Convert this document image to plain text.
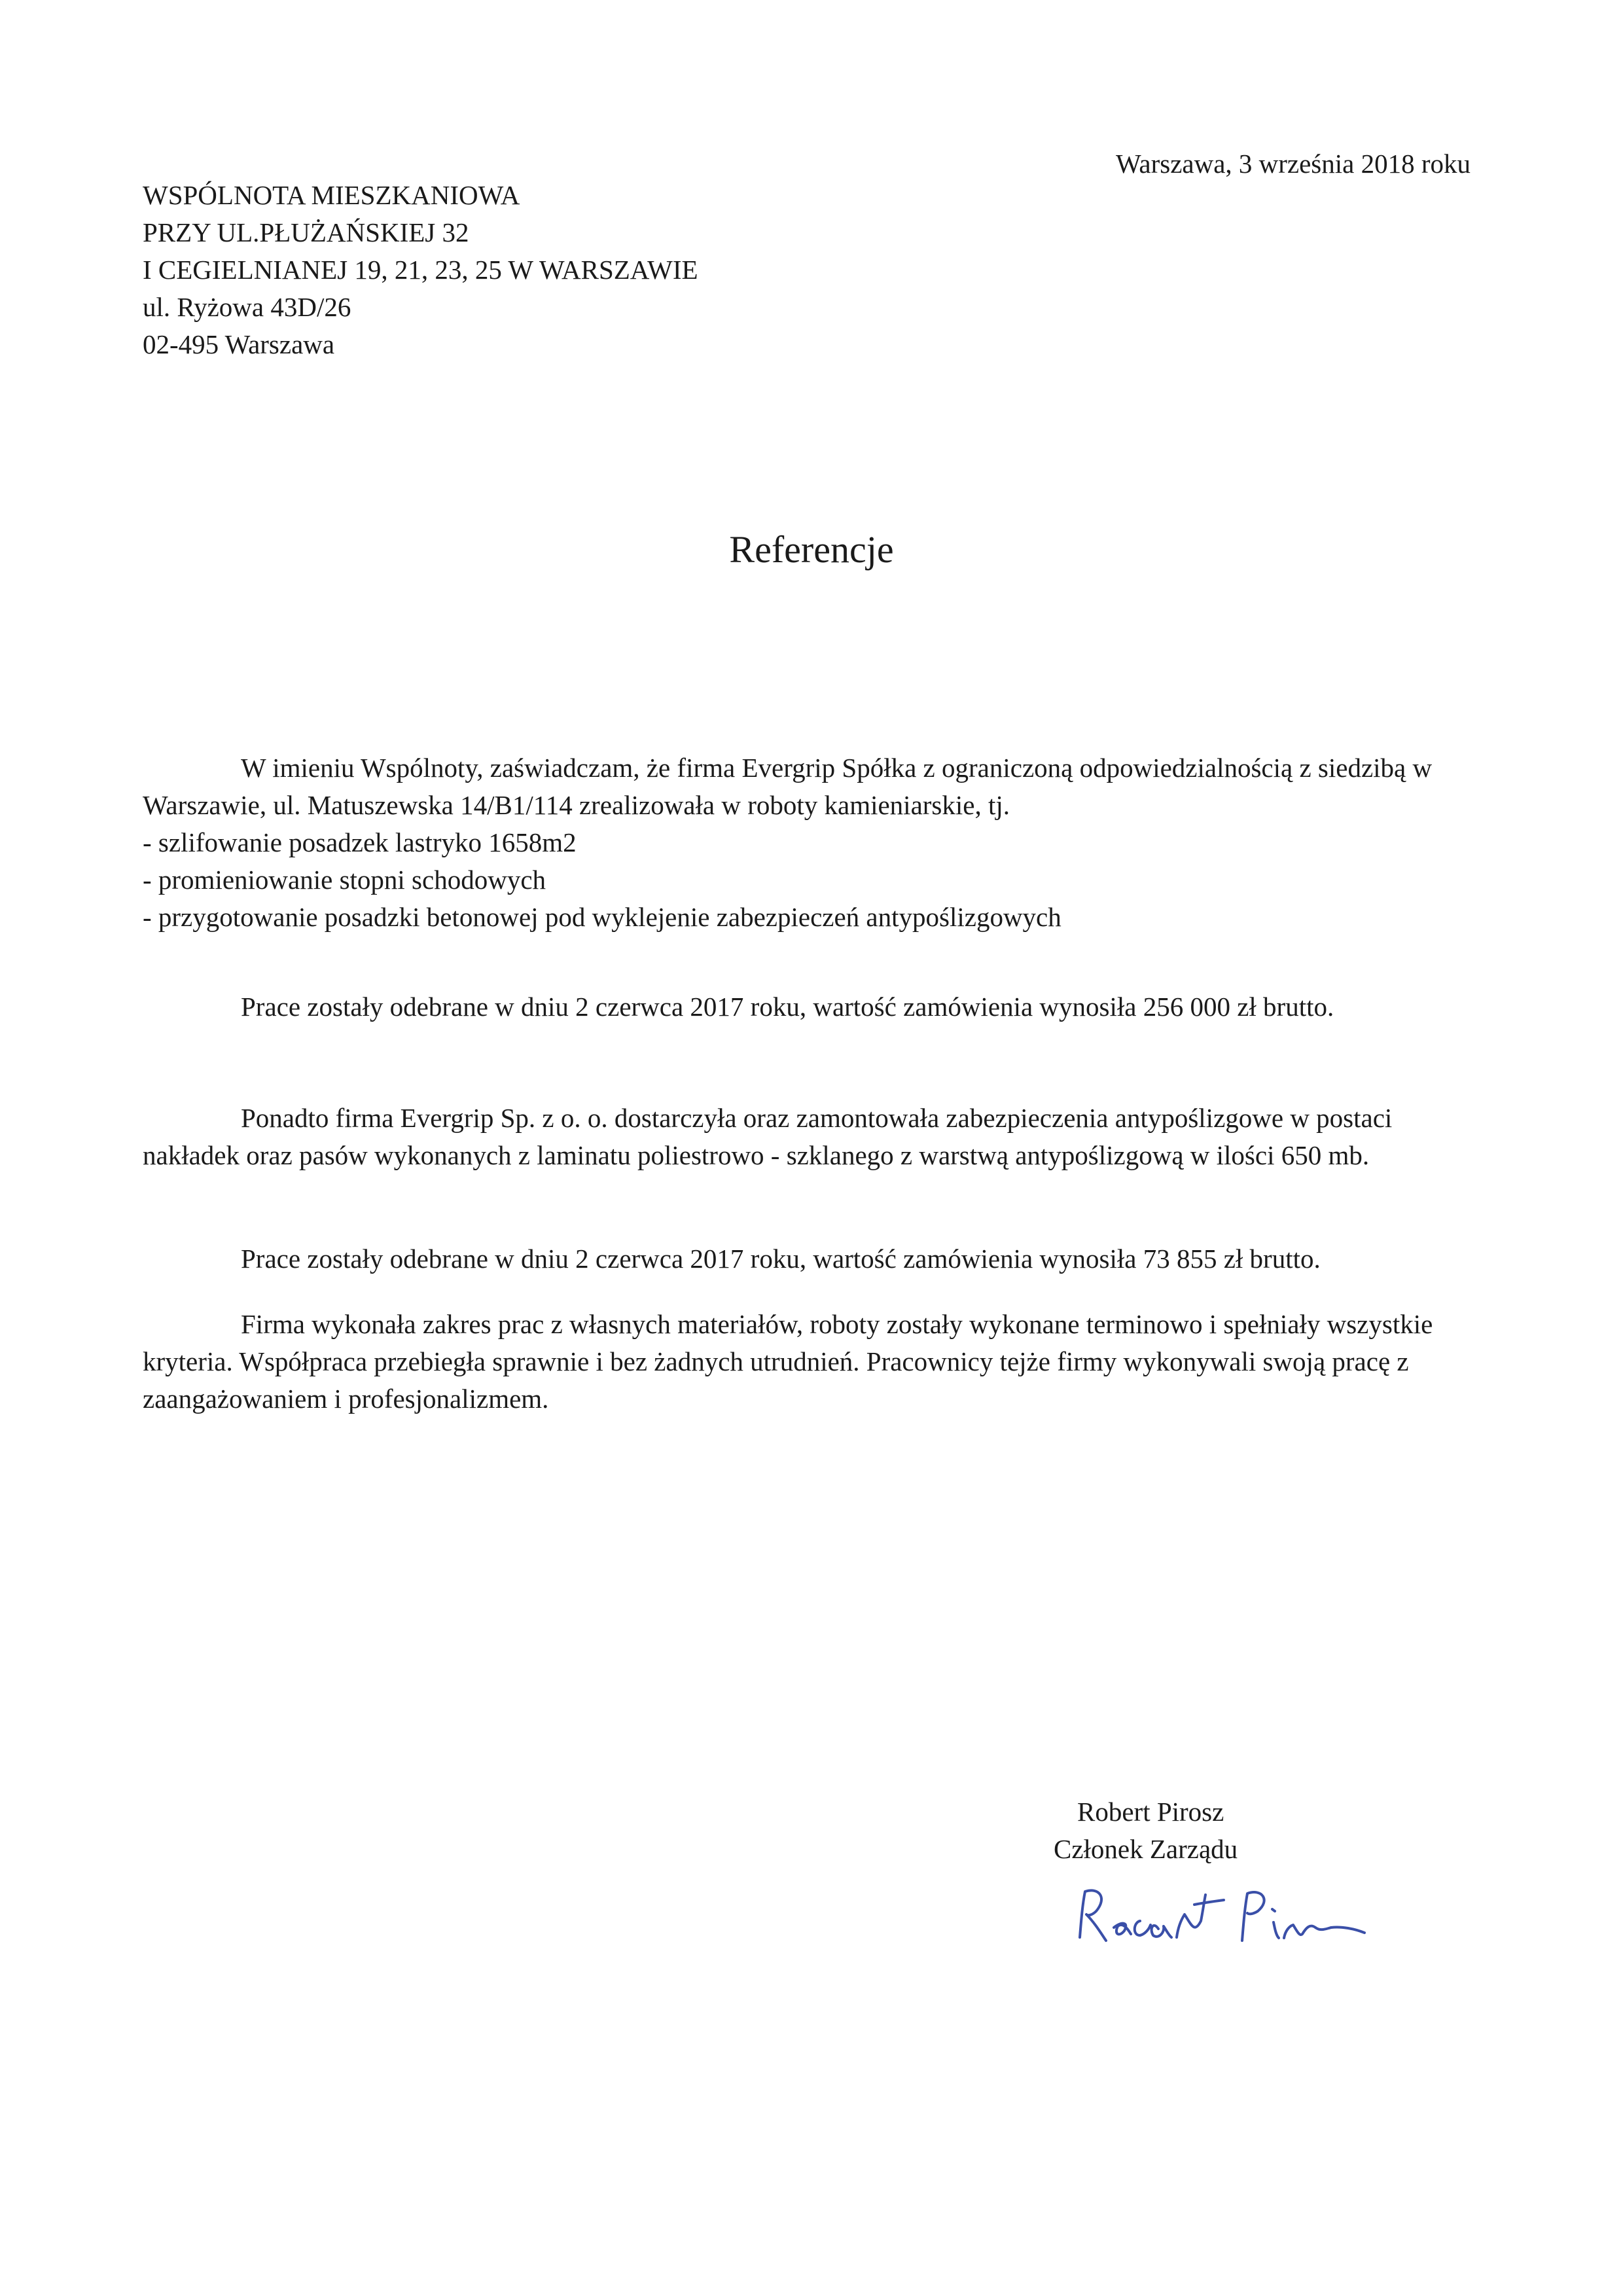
Warszawa, 3 września 2018 roku
WSPÓLNOTA MIESZKANIOWA
PRZY UL.PŁUŻAŃSKIEJ 32
I CEGIELNIANEJ 19, 21, 23, 25 W WARSZAWIE
ul. Ryżowa 43D/26
02-495 Warszawa
Referencje

W imieniu Wspólnoty, zaświadczam, że firma Evergrip Spółka z ograniczoną odpowiedzialnością z siedzibą w Warszawie, ul. Matuszewska 14/B1/114 zrealizowała w roboty kamieniarskie, tj.

- szlifowanie posadzek lastryko 1658m2
- promieniowanie stopni schodowych
- przygotowanie posadzki betonowej pod wyklejenie zabezpieczeń antypoślizgowych

Prace zostały odebrane w dniu 2 czerwca 2017 roku, wartość zamówienia wynosiła 256 000 zł brutto.

Ponadto firma Evergrip Sp. z o. o. dostarczyła oraz zamontowała zabezpieczenia antypoślizgowe w postaci nakładek oraz pasów wykonanych z laminatu poliestrowo - szklanego z warstwą antypoślizgową w ilości 650 mb.

Prace zostały odebrane w dniu 2 czerwca 2017 roku, wartość zamówienia wynosiła 73 855 zł brutto.

Firma wykonała zakres prac z własnych materiałów, roboty zostały wykonane terminowo i spełniały wszystkie kryteria. Współpraca przebiegła sprawnie i bez żadnych utrudnień. Pracownicy tejże firmy wykonywali swoją pracę z zaangażowaniem i profesjonalizmem.

Robert Pirosz
Członek Zarządu
